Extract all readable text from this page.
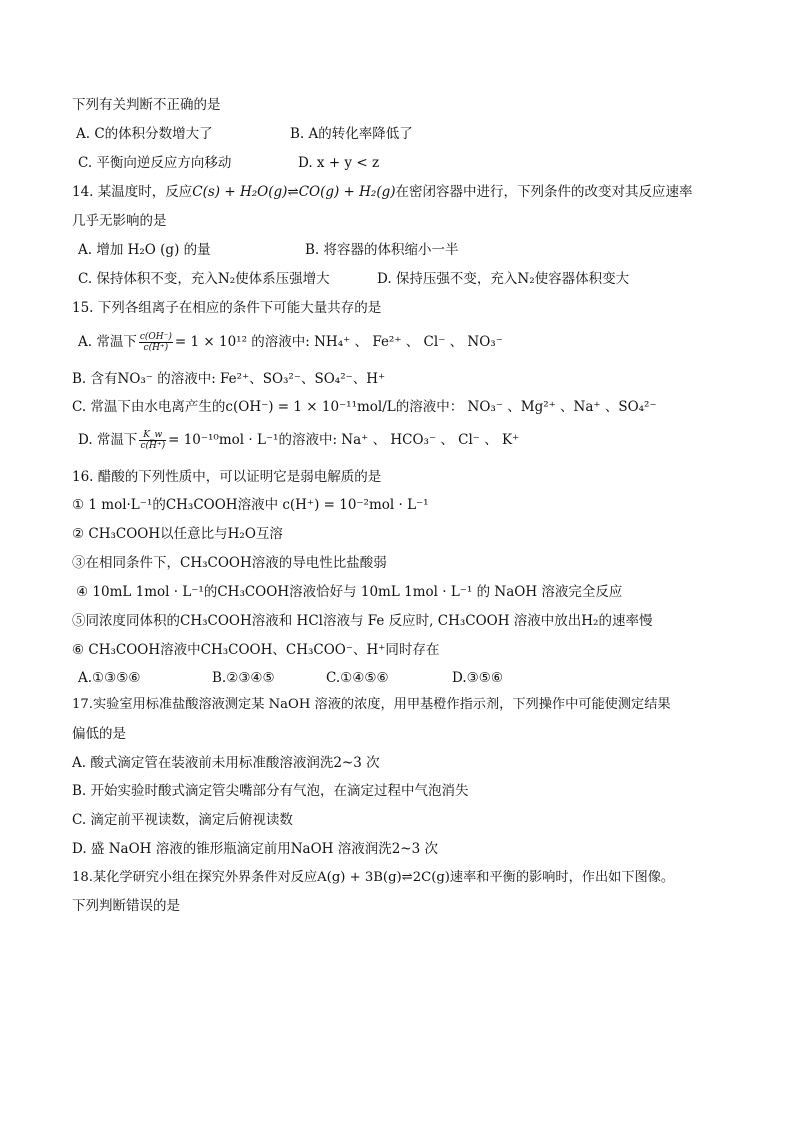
下列有关判断不正确的是
A. C的体积分数增大了	B. A的转化率降低了
C. 平衡向逆反应方向移动	D. x + y < z
14. 某温度时，反应C(s) + H₂O(g)⇌CO(g) + H₂(g)在密闭容器中进行，下列条件的改变对其反应速率
几乎无影响的是
A. 增加 H₂O (g) 的量	B. 将容器的体积缩小一半
C. 保持体积不变，充入N₂使体系压强增大	D. 保持压强不变，充入N₂使容器体积变大
15. 下列各组离子在相应的条件下可能大量共存的是
A. 常温下 $\frac{c(OH^-)}{c(H^+)} = 1 \times 10^{12}$ 的溶液中: NH₄⁺ 、 Fe²⁺ 、 Cl⁻ 、 NO₃⁻
B. 含有NO₃⁻ 的溶液中: Fe²⁺、SO₃²⁻、SO₄²⁻、H⁺
C. 常温下由水电离产生的c(OH⁻) = 1 × 10⁻¹¹mol/L的溶液中： NO₃⁻ 、Mg²⁺ 、Na⁺ 、SO₄²⁻
D. 常温下 $\frac{K\_w}{c(H^+)} = 10^{-10}mol \cdot L^{-1}$的溶液中: Na⁺ 、 HCO₃⁻ 、 Cl⁻ 、 K⁺
16. 醋酸的下列性质中，可以证明它是弱电解质的是
① 1 mol·L⁻¹的CH₃COOH溶液中 c(H⁺) = 10⁻²mol · L⁻¹
② CH₃COOH以任意比与H₂O互溶
③在相同条件下，CH₃COOH溶液的导电性比盐酸弱
④ 10mL 1mol · L⁻¹的CH₃COOH溶液恰好与 10mL 1mol · L⁻¹ 的 NaOH 溶液完全反应
⑤同浓度同体积的CH₃COOH溶液和 HCl溶液与 Fe 反应时, CH₃COOH 溶液中放出H₂的速率慢
⑥ CH₃COOH溶液中CH₃COOH、CH₃COO⁻、H⁺同时存在
A.①③⑤⑥	B.②③④⑤	C.①④⑤⑥	D.③⑤⑥
17.实验室用标准盐酸溶液测定某 NaOH 溶液的浓度，用甲基橙作指示剂，下列操作中可能使测定结果
偏低的是
A. 酸式滴定管在装液前未用标准酸溶液润洗2~3 次
B. 开始实验时酸式滴定管尖嘴部分有气泡，在滴定过程中气泡消失
C. 滴定前平视读数，滴定后俯视读数
D. 盛 NaOH 溶液的锥形瓶滴定前用NaOH 溶液润洗2~3 次
18.某化学研究小组在探究外界条件对反应A(g) + 3B(g)⇌2C(g)速率和平衡的影响时，作出如下图像。
下列判断错误的是
